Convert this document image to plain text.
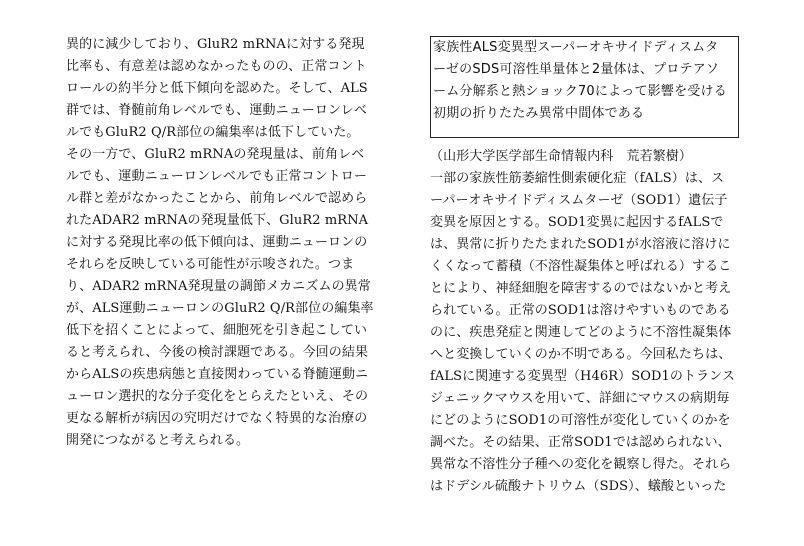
異的に減少しており、GluR2 mRNAに対する発現
比率も、有意差は認めなかったものの、正常コント
ロールの約半分と低下傾向を認めた。そして、ALS
群では、脊髄前角レベルでも、運動ニューロンレベ
ルでもGluR2 Q/R部位の編集率は低下していた。
その一方で、GluR2 mRNAの発現量は、前角レベ
ルでも、運動ニューロンレベルでも正常コントロー
ル群と差がなかったことから、前角レベルで認めら
れたADAR2 mRNAの発現量低下、GluR2 mRNA
に対する発現比率の低下傾向は、運動ニューロンの
それらを反映している可能性が示唆された。つま
り、ADAR2 mRNA発現量の調節メカニズムの異常
が、ALS運動ニューロンのGluR2 Q/R部位の編集率
低下を招くことによって、細胞死を引き起こしてい
ると考えられ、今後の検討課題である。今回の結果
からALSの疾患病態と直接関わっている脊髄運動ニ
ューロン選択的な分子変化をとらえたといえ、その
更なる解析が病因の究明だけでなく特異的な治療の
開発につながると考えられる。
家族性ALS変異型スーパーオキサイドディスムタ
ーゼのSDS可溶性単量体と2量体は、プロテアソ
ーム分解系と熱ショック70によって影響を受ける
初期の折りたたみ異常中間体である
（山形大学医学部生命情報内科　荒若繁樹）
一部の家族性筋萎縮性側索硬化症（fALS）は、ス
ーパーオキサイドディスムターゼ（SOD1）遺伝子
変異を原因とする。SOD1変異に起因するfALSで
は、異常に折りたたまれたSOD1が水溶液に溶けに
くくなって蓄積（不溶性凝集体と呼ばれる）するこ
とにより、神経細胞を障害するのではないかと考え
られている。正常のSOD1は溶けやすいものである
のに、疾患発症と関連してどのように不溶性凝集体
へと変換していくのか不明である。今回私たちは、
fALSに関連する変異型（H46R）SOD1のトランス
ジェニックマウスを用いて、詳細にマウスの病期毎
にどのようにSOD1の可溶性が変化していくのかを
調べた。その結果、正常SOD1では認められない、
異常な不溶性分子種への変化を観察し得た。それら
はドデシル硫酸ナトリウム（SDS）、蟻酸といった
